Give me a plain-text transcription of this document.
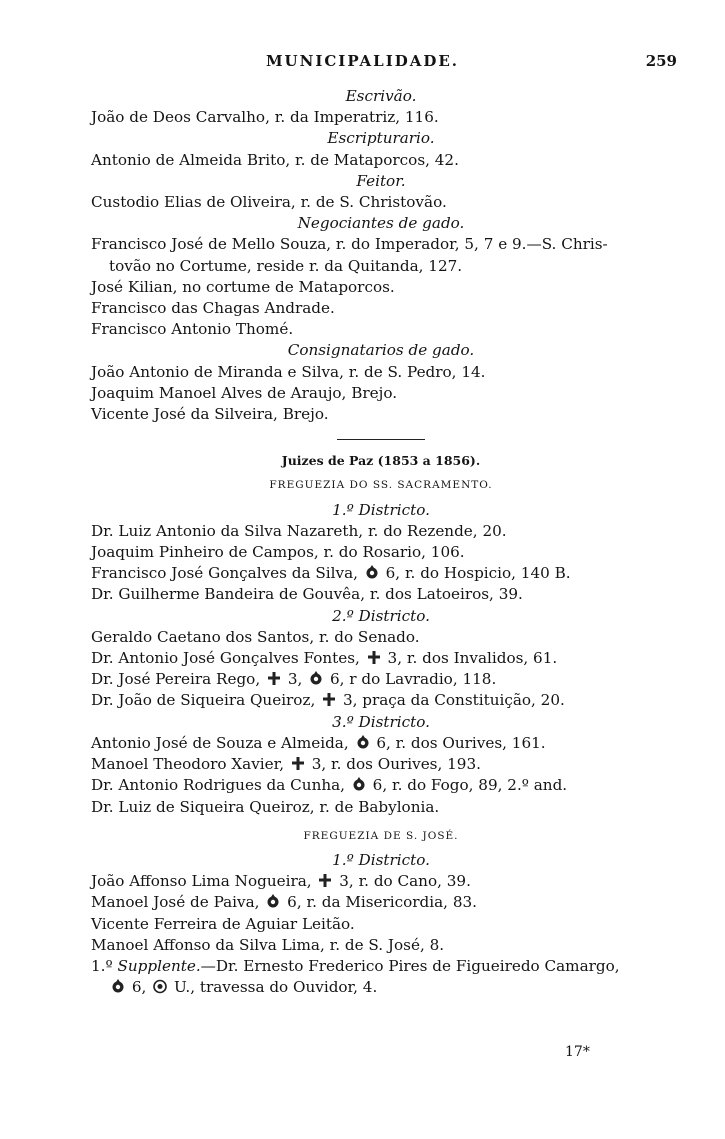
MUNICIPALIDADE.	259
Escrivão.
João de Deos Carvalho, r. da Imperatriz, 116.
Escripturario.
Antonio de Almeida Brito, r. de Mataporcos, 42.
Feitor.
Custodio Elias de Oliveira, r. de S. Christovão.
Negociantes de gado.
Francisco José de Mello Souza, r. do Imperador, 5, 7 e 9.—S. Chris-
tovão no Cortume, reside r. da Quitanda, 127.
José Kilian, no cortume de Mataporcos.
Francisco das Chagas Andrade.
Francisco Antonio Thomé.
Consignatarios de gado.
João Antonio de Miranda e Silva, r. de S. Pedro, 14.
Joaquim Manoel Alves de Araujo, Brejo.
Vicente José da Silveira, Brejo.
Juizes de Paz (1853 a 1856).
FREGUEZIA DO SS. SACRAMENTO.
1.º Districto.
Dr. Luiz Antonio da Silva Nazareth, r. do Rezende, 20.
Joaquim Pinheiro de Campos, r. do Rosario, 106.
Francisco José Gonçalves da Silva, 6, r. do Hospicio, 140 B.
Dr. Guilherme Bandeira de Gouvêa, r. dos Latoeiros, 39.
2.º Districto.
Geraldo Caetano dos Santos, r. do Senado.
Dr. Antonio José Gonçalves Fontes, 3, r. dos Invalidos, 61.
Dr. José Pereira Rego, 3, 6, r do Lavradio, 118.
Dr. João de Siqueira Queiroz, 3, praça da Constituição, 20.
3.º Districto.
Antonio José de Souza e Almeida, 6, r. dos Ourives, 161.
Manoel Theodoro Xavier, 3, r. dos Ourives, 193.
Dr. Antonio Rodrigues da Cunha, 6, r. do Fogo, 89, 2.º and.
Dr. Luiz de Siqueira Queiroz, r. de Babylonia.
FREGUEZIA DE S. JOSÉ.
1.º Districto.
João Affonso Lima Nogueira, 3, r. do Cano, 39.
Manoel José de Paiva, 6, r. da Misericordia, 83.
Vicente Ferreira de Aguiar Leitão.
Manoel Affonso da Silva Lima, r. de S. José, 8.
1.º Supplente.—Dr. Ernesto Frederico Pires de Figueiredo Camargo,
6, U., travessa do Ouvidor, 4.
17*
